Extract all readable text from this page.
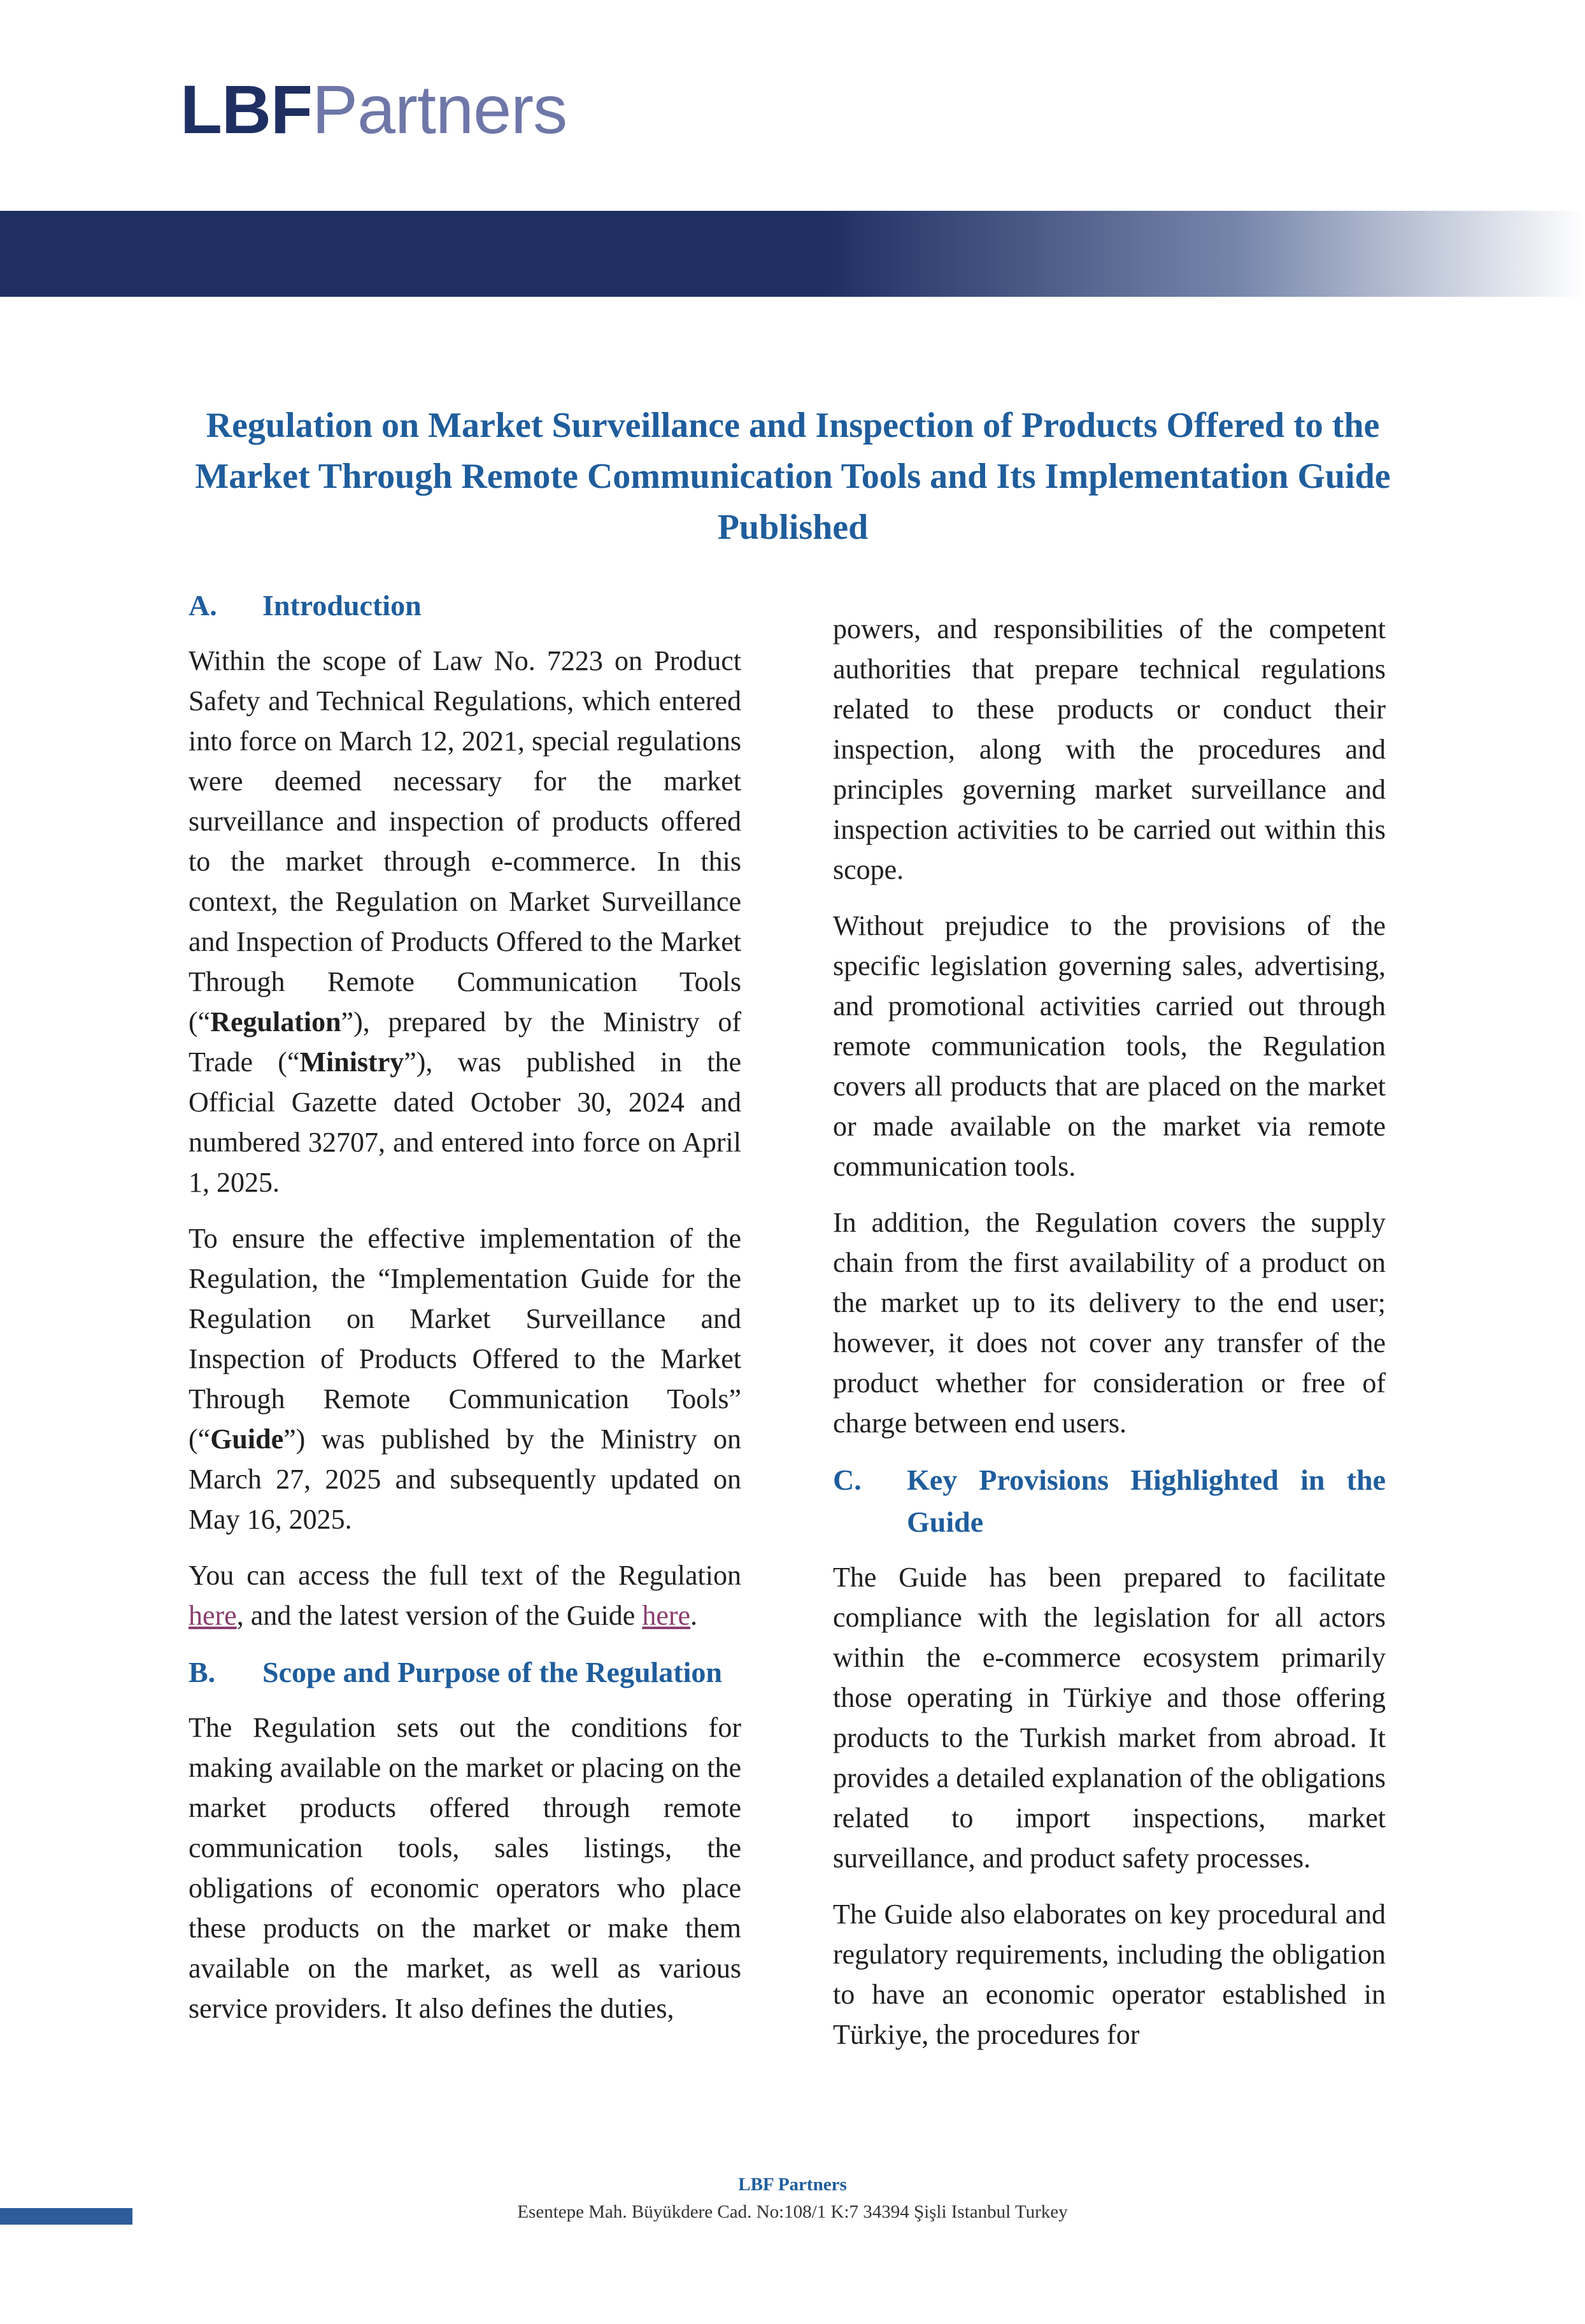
LBFPartners
Regulation on Market Surveillance and Inspection of Products Offered to the Market Through Remote Communication Tools and Its Implementation Guide Published
A.	Introduction

Within the scope of Law No. 7223 on Product Safety and Technical Regulations, which entered into force on March 12, 2021, special regulations were deemed necessary for the market surveillance and inspection of products offered to the market through e-commerce. In this context, the Regulation on Market Surveillance and Inspection of Products Offered to the Market Through Remote Communication Tools (“Regulation”), prepared by the Ministry of Trade (“Ministry”), was published in the Official Gazette dated October 30, 2024 and numbered 32707, and entered into force on April 1, 2025.

To ensure the effective implementation of the Regulation, the “Implementation Guide for the Regulation on Market Surveillance and Inspection of Products Offered to the Market Through Remote Communication Tools” (“Guide”) was published by the Ministry on March 27, 2025 and subsequently updated on May 16, 2025.

You can access the full text of the Regulation here, and the latest version of the Guide here.

B.	Scope and Purpose of the Regulation

The Regulation sets out the conditions for making available on the market or placing on the market products offered through remote communication tools, sales listings, the obligations of economic operators who place these products on the market or make them available on the market, as well as various service providers. It also defines the duties,

powers, and responsibilities of the competent authorities that prepare technical regulations related to these products or conduct their inspection, along with the procedures and principles governing market surveillance and inspection activities to be carried out within this scope.

Without prejudice to the provisions of the specific legislation governing sales, advertising, and promotional activities carried out through remote communication tools, the Regulation covers all products that are placed on the market or made available on the market via remote communication tools.

In addition, the Regulation covers the supply chain from the first availability of a product on the market up to its delivery to the end user; however, it does not cover any transfer of the product whether for consideration or free of charge between end users.

C.	Key Provisions Highlighted in the Guide

The Guide has been prepared to facilitate compliance with the legislation for all actors within the e-commerce ecosystem primarily those operating in Türkiye and those offering products to the Turkish market from abroad. It provides a detailed explanation of the obligations related to import inspections, market surveillance, and product safety processes.

The Guide also elaborates on key procedural and regulatory requirements, including the obligation to have an economic operator established in Türkiye, the procedures for

LBF Partners
Esentepe Mah. Büyükdere Cad. No:108/1 K:7 34394 Şişli Istanbul Turkey
